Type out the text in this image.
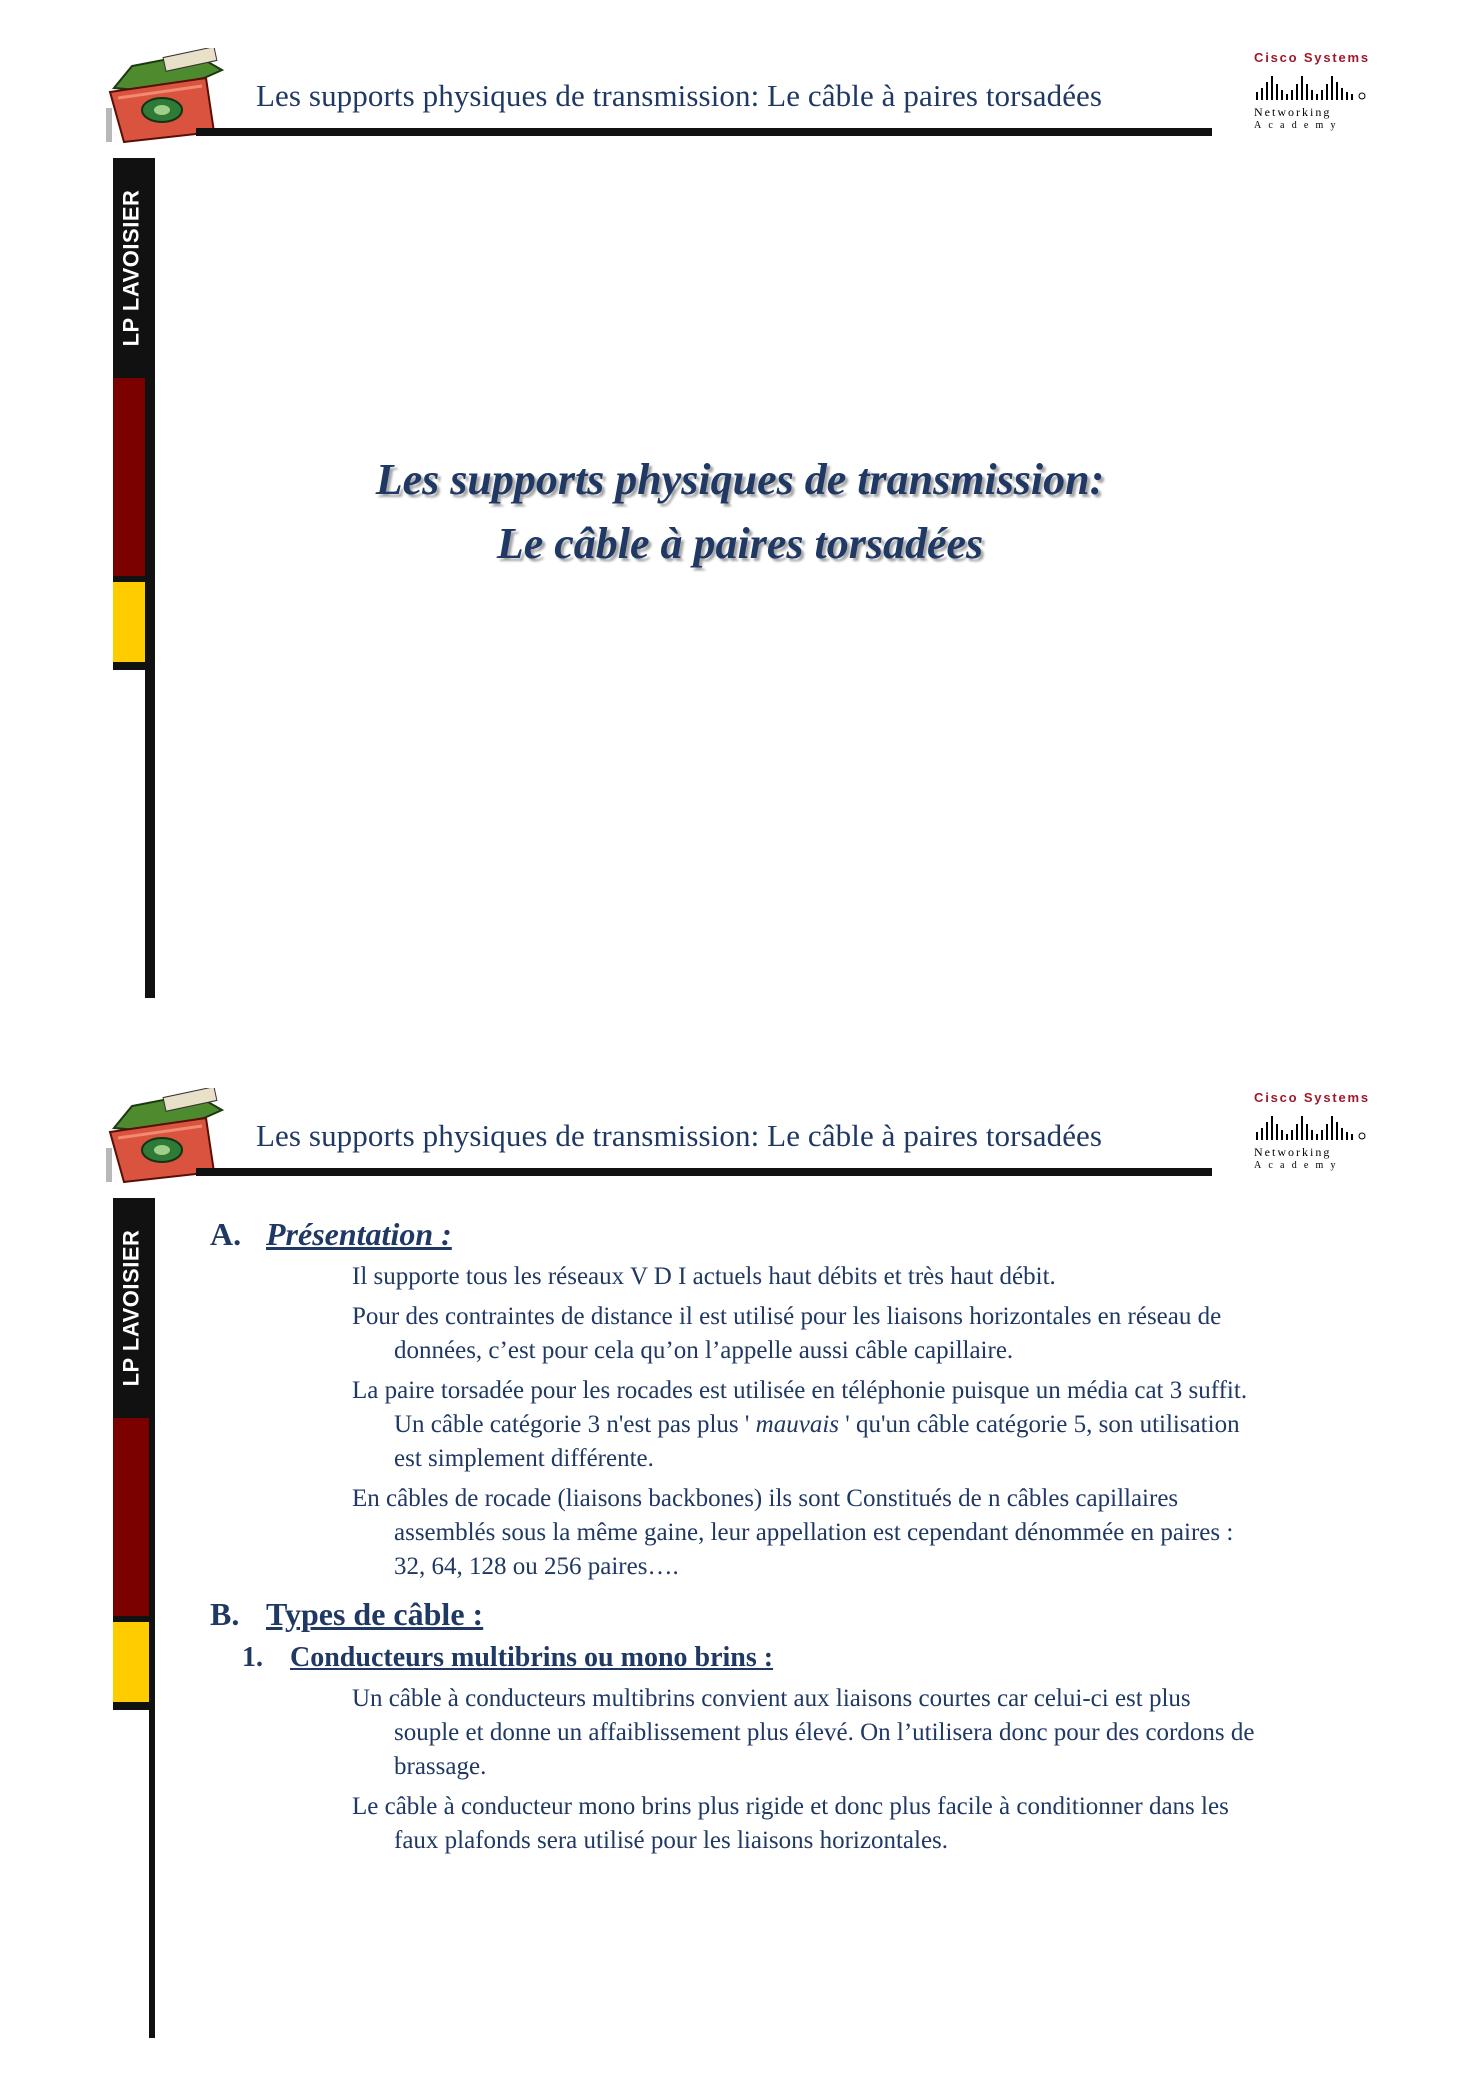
Les supports physiques de transmission: Le câble à paires torsadées
Cisco Systems
Networking
Academy
LP LAVOISIER
Les supports physiques de transmission:
Le câble à paires torsadées
Les supports physiques de transmission: Le câble à paires torsadées
Cisco Systems
Networking
Academy
LP LAVOISIER A. Présentation :
Il supporte tous les réseaux V D I actuels haut débits et très haut débit.
Pour des contraintes de distance il est utilisé pour les liaisons horizontales en réseau de données, c’est pour cela qu’on l’appelle aussi câble capillaire.
La paire torsadée pour les rocades est utilisée en téléphonie puisque un média cat 3 suffit. Un câble catégorie 3 n'est pas plus ' mauvais ' qu'un câble catégorie 5, son utilisation est simplement différente.
En câbles de rocade (liaisons backbones) ils sont Constitués de n câbles capillaires assemblés sous la même gaine, leur appellation est cependant dénommée en paires : 32, 64, 128 ou 256 paires….
B. Types de câble :
1. Conducteurs multibrins ou mono brins :
Un câble à conducteurs multibrins convient aux liaisons courtes car celui-ci est plus souple et donne un affaiblissement plus élevé. On l’utilisera donc pour des cordons de brassage.
Le câble à conducteur mono brins plus rigide et donc plus facile à conditionner dans les faux plafonds sera utilisé pour les liaisons horizontales.
